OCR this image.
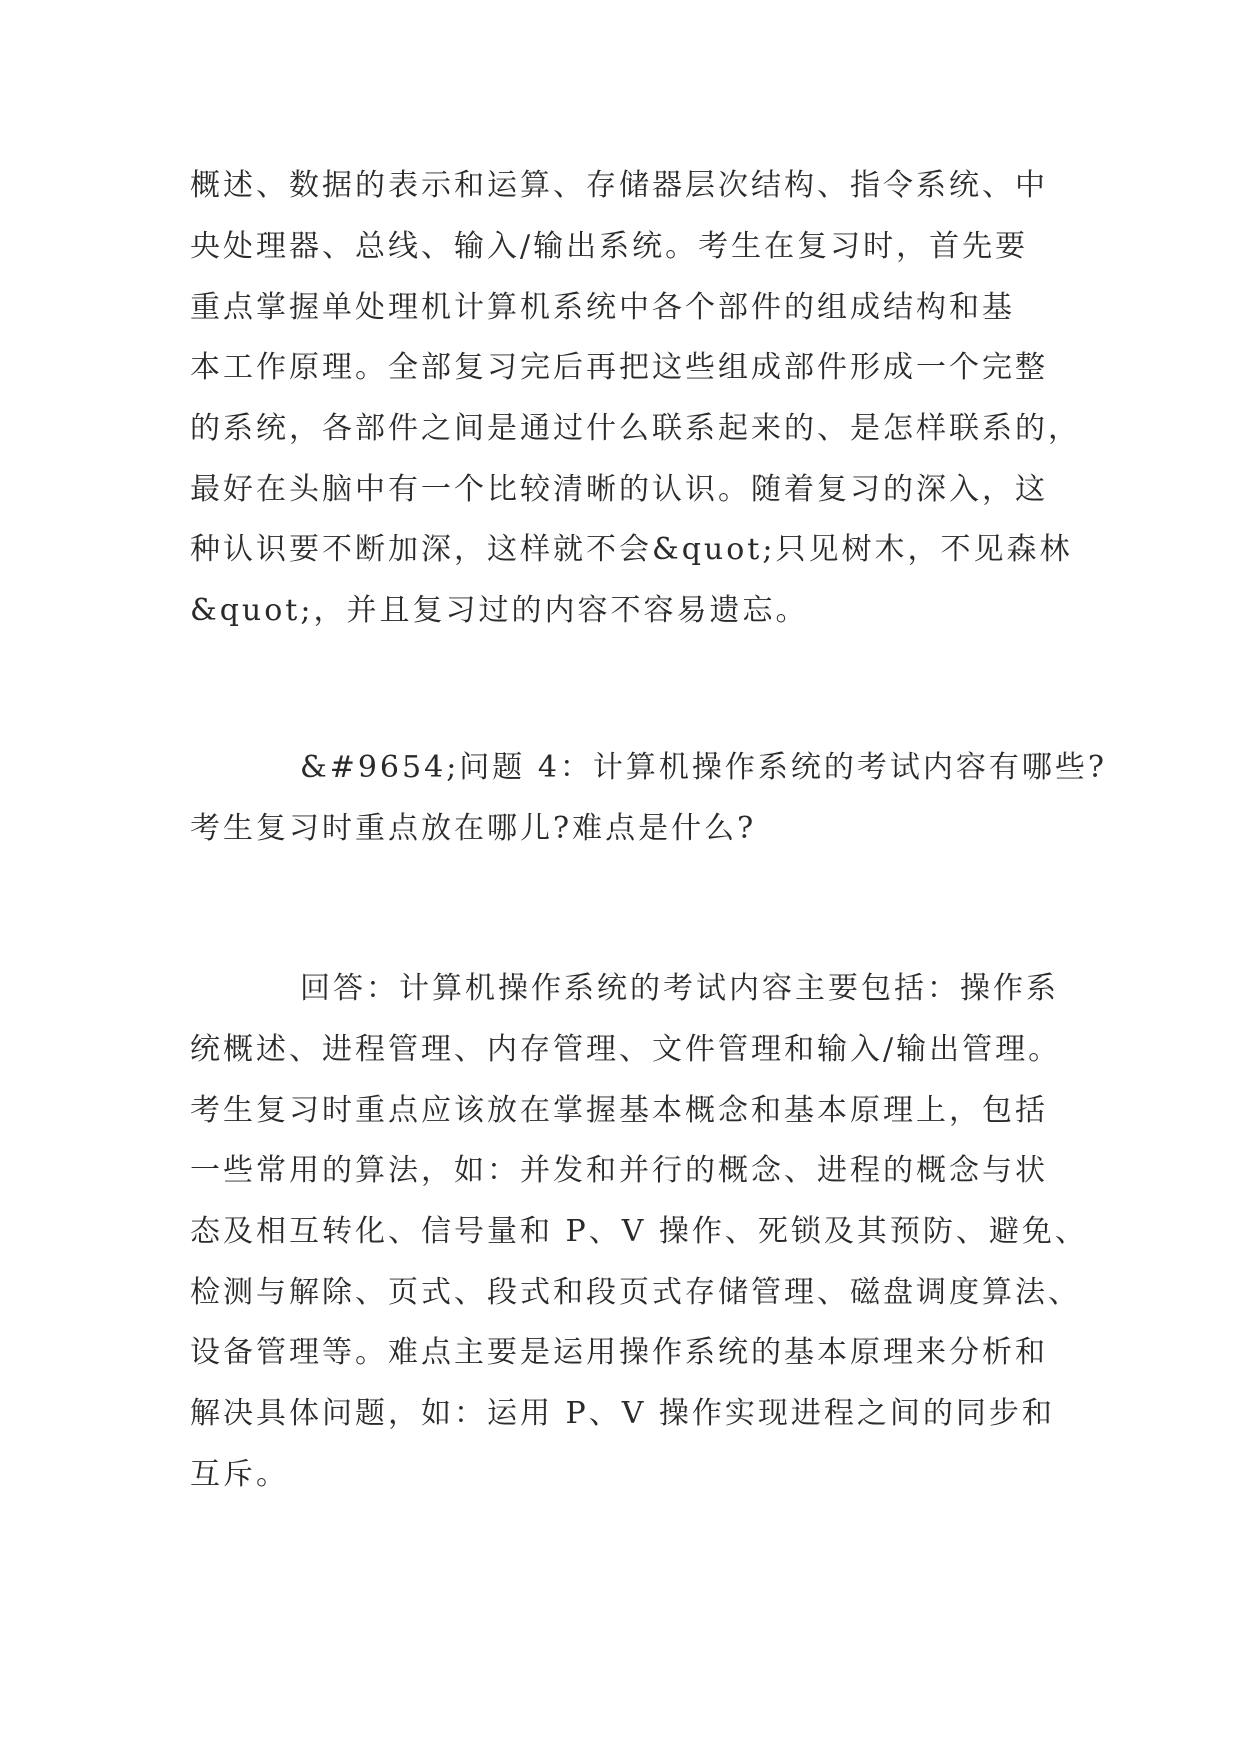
概述、数据的表示和运算、存储器层次结构、指令系统、中

央处理器、总线、输入/输出系统。考生在复习时，首先要

重点掌握单处理机计算机系统中各个部件的组成结构和基

本工作原理。全部复习完后再把这些组成部件形成一个完整

的系统，各部件之间是通过什么联系起来的、是怎样联系的，

最好在头脑中有一个比较清晰的认识。随着复习的深入，这

种认识要不断加深，这样就不会&quot;只见树木，不见森林

&quot;，并且复习过的内容不容易遗忘。

&#9654;问题 4：计算机操作系统的考试内容有哪些?

考生复习时重点放在哪儿?难点是什么?

回答：计算机操作系统的考试内容主要包括：操作系

统概述、进程管理、内存管理、文件管理和输入/输出管理。

考生复习时重点应该放在掌握基本概念和基本原理上，包括

一些常用的算法，如：并发和并行的概念、进程的概念与状

态及相互转化、信号量和 P、V 操作、死锁及其预防、避免、

检测与解除、页式、段式和段页式存储管理、磁盘调度算法、

设备管理等。难点主要是运用操作系统的基本原理来分析和

解决具体问题，如：运用 P、V 操作实现进程之间的同步和

互斥。
